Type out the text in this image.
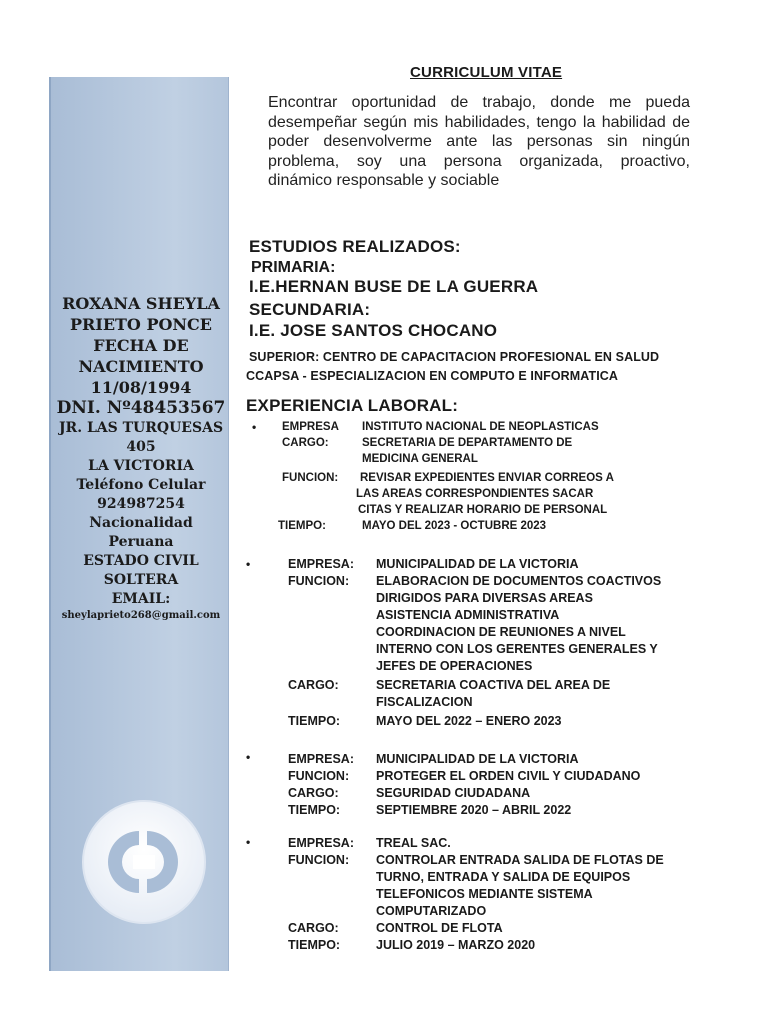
ROXANA SHEYLA
PRIETO PONCE
FECHA DE
NACIMIENTO
11/08/1994
DNI. Nº48453567
JR. LAS TURQUESAS
405
LA VICTORIA
Teléfono Celular
924987254
Nacionalidad
Peruana
ESTADO CIVIL
SOLTERA
EMAIL:
sheylaprieto268@gmail.com
CURRICULUM VITAE
Encontrar oportunidad de trabajo, donde me pueda desempeñar según mis habilidades, tengo la habilidad de poder desenvolverme ante las personas sin ningún problema, soy una persona organizada, proactivo, dinámico responsable y sociable
ESTUDIOS REALIZADOS:
PRIMARIA:
I.E.HERNAN BUSE DE LA GUERRA
SECUNDARIA:
I.E. JOSE SANTOS CHOCANO
SUPERIOR: CENTRO DE CAPACITACION PROFESIONAL EN SALUD
CCAPSA - ESPECIALIZACION EN COMPUTO E INFORMATICA
EXPERIENCIA LABORAL:
• EMPRESA INSTITUTO NACIONAL DE NEOPLASTICAS
CARGO:	SECRETARIA DE DEPARTAMENTO DE
MEDICINA GENERAL
FUNCION: REVISAR EXPEDIENTES ENVIAR CORREOS A
LAS AREAS CORRESPONDIENTES SACAR
CITAS Y REALIZAR HORARIO DE PERSONAL
TIEMPO:	MAYO DEL 2023 - OCTUBRE 2023
•	EMPRESA: MUNICIPALIDAD DE LA VICTORIA
FUNCION: ELABORACION DE DOCUMENTOS COACTIVOS
DIRIGIDOS PARA DIVERSAS AREAS
ASISTENCIA ADMINISTRATIVA
COORDINACION DE REUNIONES A NIVEL
INTERNO CON LOS GERENTES GENERALES Y
JEFES DE OPERACIONES
CARGO:	SECRETARIA COACTIVA DEL AREA DE
FISCALIZACION
TIEMPO:	MAYO DEL 2022 – ENERO 2023
•	EMPRESA: MUNICIPALIDAD DE LA VICTORIA
FUNCION: PROTEGER EL ORDEN CIVIL Y CIUDADANO
CARGO:	SEGURIDAD CIUDADANA
TIEMPO:	SEPTIEMBRE 2020 – ABRIL 2022
•	EMPRESA: TREAL SAC.
FUNCION: CONTROLAR ENTRADA SALIDA DE FLOTAS DE
TURNO, ENTRADA Y SALIDA DE EQUIPOS
TELEFONICOS MEDIANTE SISTEMA
COMPUTARIZADO
CARGO:	CONTROL DE FLOTA
TIEMPO:	JULIO 2019 – MARZO 2020
